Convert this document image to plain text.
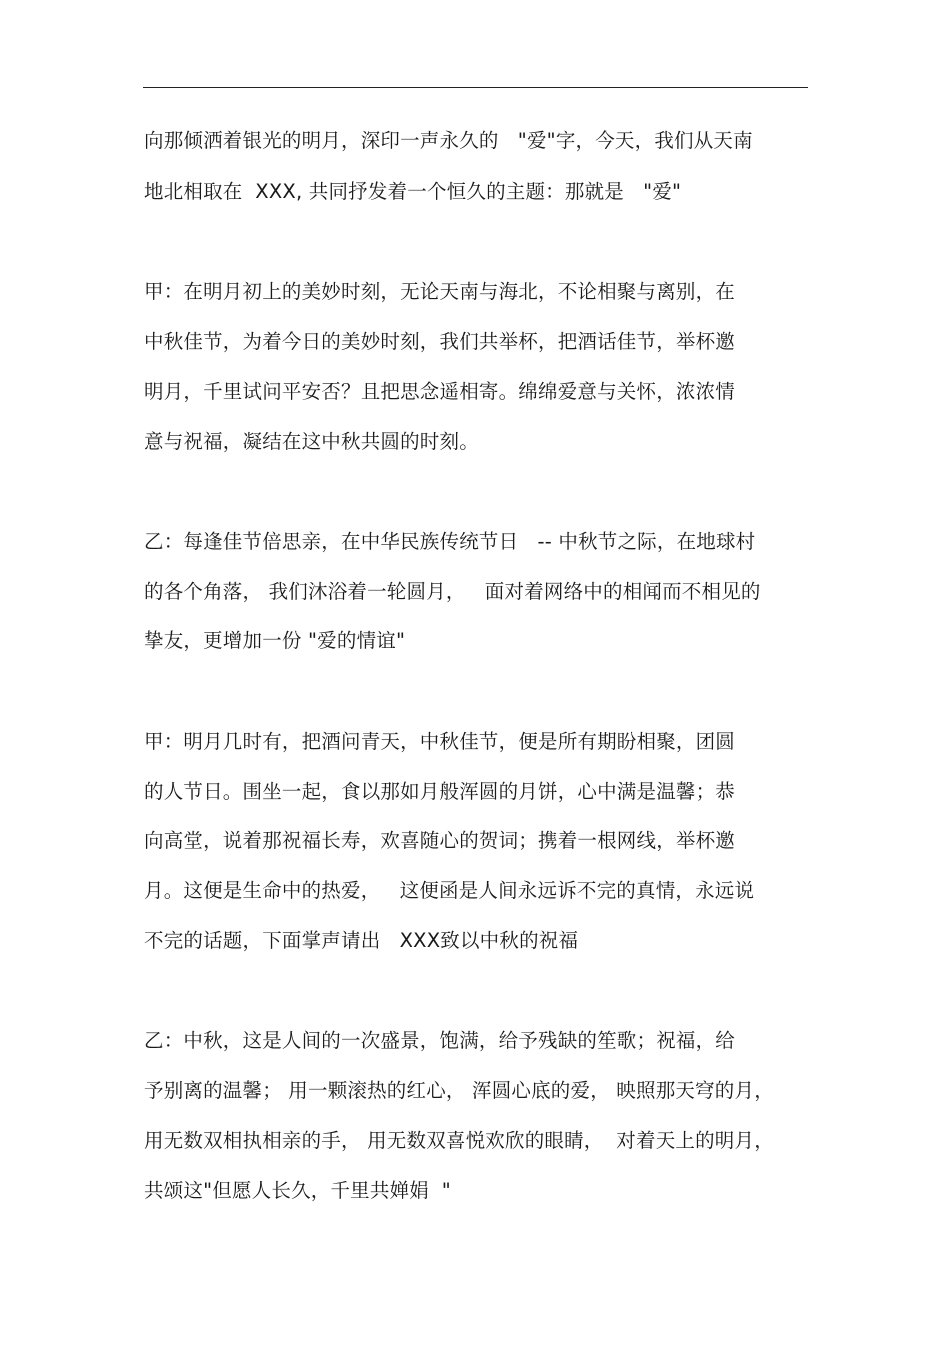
向那倾洒着银光的明月，深印一声永久的   "爱"字，今天，我们从天南
地北相取在  XXX, 共同抒发着一个恒久的主题：那就是   "爱"
甲：在明月初上的美妙时刻，无论天南与海北，不论相聚与离别，在
中秋佳节，为着今日的美妙时刻，我们共举杯，把酒话佳节，举杯邀
明月，千里试问平安否？且把思念遥相寄。绵绵爱意与关怀，浓浓情
意与祝福，凝结在这中秋共圆的时刻。
乙：每逢佳节倍思亲，在中华民族传统节日   -- 中秋节之际，在地球村
的各个角落， 我们沐浴着一轮圆月，   面对着网络中的相闻而不相见的
挚友，更增加一份 "爱的情谊"
甲：明月几时有，把酒问青天，中秋佳节，便是所有期盼相聚，团圆
的人节日。围坐一起，食以那如月般浑圆的月饼，心中满是温馨；恭
向高堂，说着那祝福长寿，欢喜随心的贺词；携着一根网线，举杯邀
月。这便是生命中的热爱，   这便函是人间永远诉不完的真情，永远说
不完的话题，下面掌声请出   XXX致以中秋的祝福
乙：中秋，这是人间的一次盛景，饱满，给予残缺的笙歌；祝福，给
予别离的温馨； 用一颗滚热的红心， 浑圆心底的爱， 映照那天穹的月，
用无数双相执相亲的手， 用无数双喜悦欢欣的眼睛，  对着天上的明月，
共颂这"但愿人长久，千里共婵娟  "
